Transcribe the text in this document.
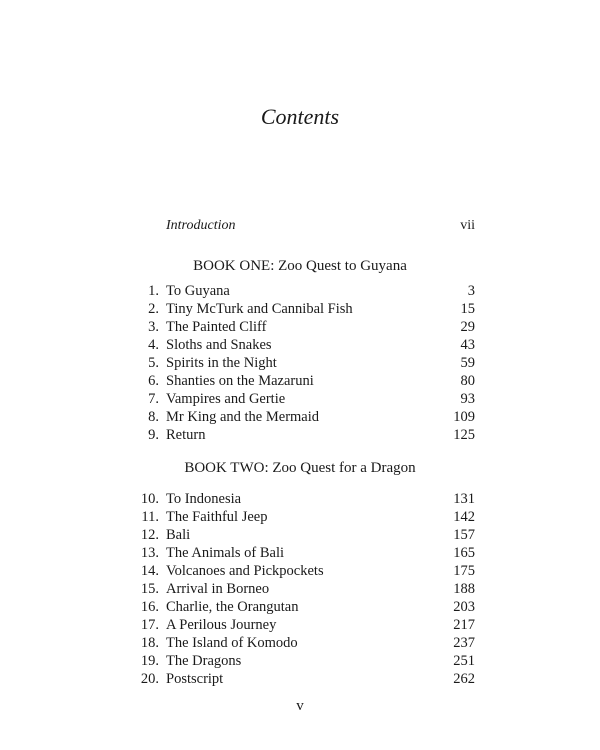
Contents
Introduction	vii
BOOK ONE: Zoo Quest to Guyana
1. To Guyana	3
2. Tiny McTurk and Cannibal Fish	15
3. The Painted Cliff	29
4. Sloths and Snakes	43
5. Spirits in the Night	59
6. Shanties on the Mazaruni	80
7. Vampires and Gertie	93
8. Mr King and the Mermaid	109
9. Return	125
BOOK TWO: Zoo Quest for a Dragon
10. To Indonesia	131
11. The Faithful Jeep	142
12. Bali	157
13. The Animals of Bali	165
14. Volcanoes and Pickpockets	175
15. Arrival in Borneo	188
16. Charlie, the Orangutan	203
17. A Perilous Journey	217
18. The Island of Komodo	237
19. The Dragons	251
20. Postscript	262
v
